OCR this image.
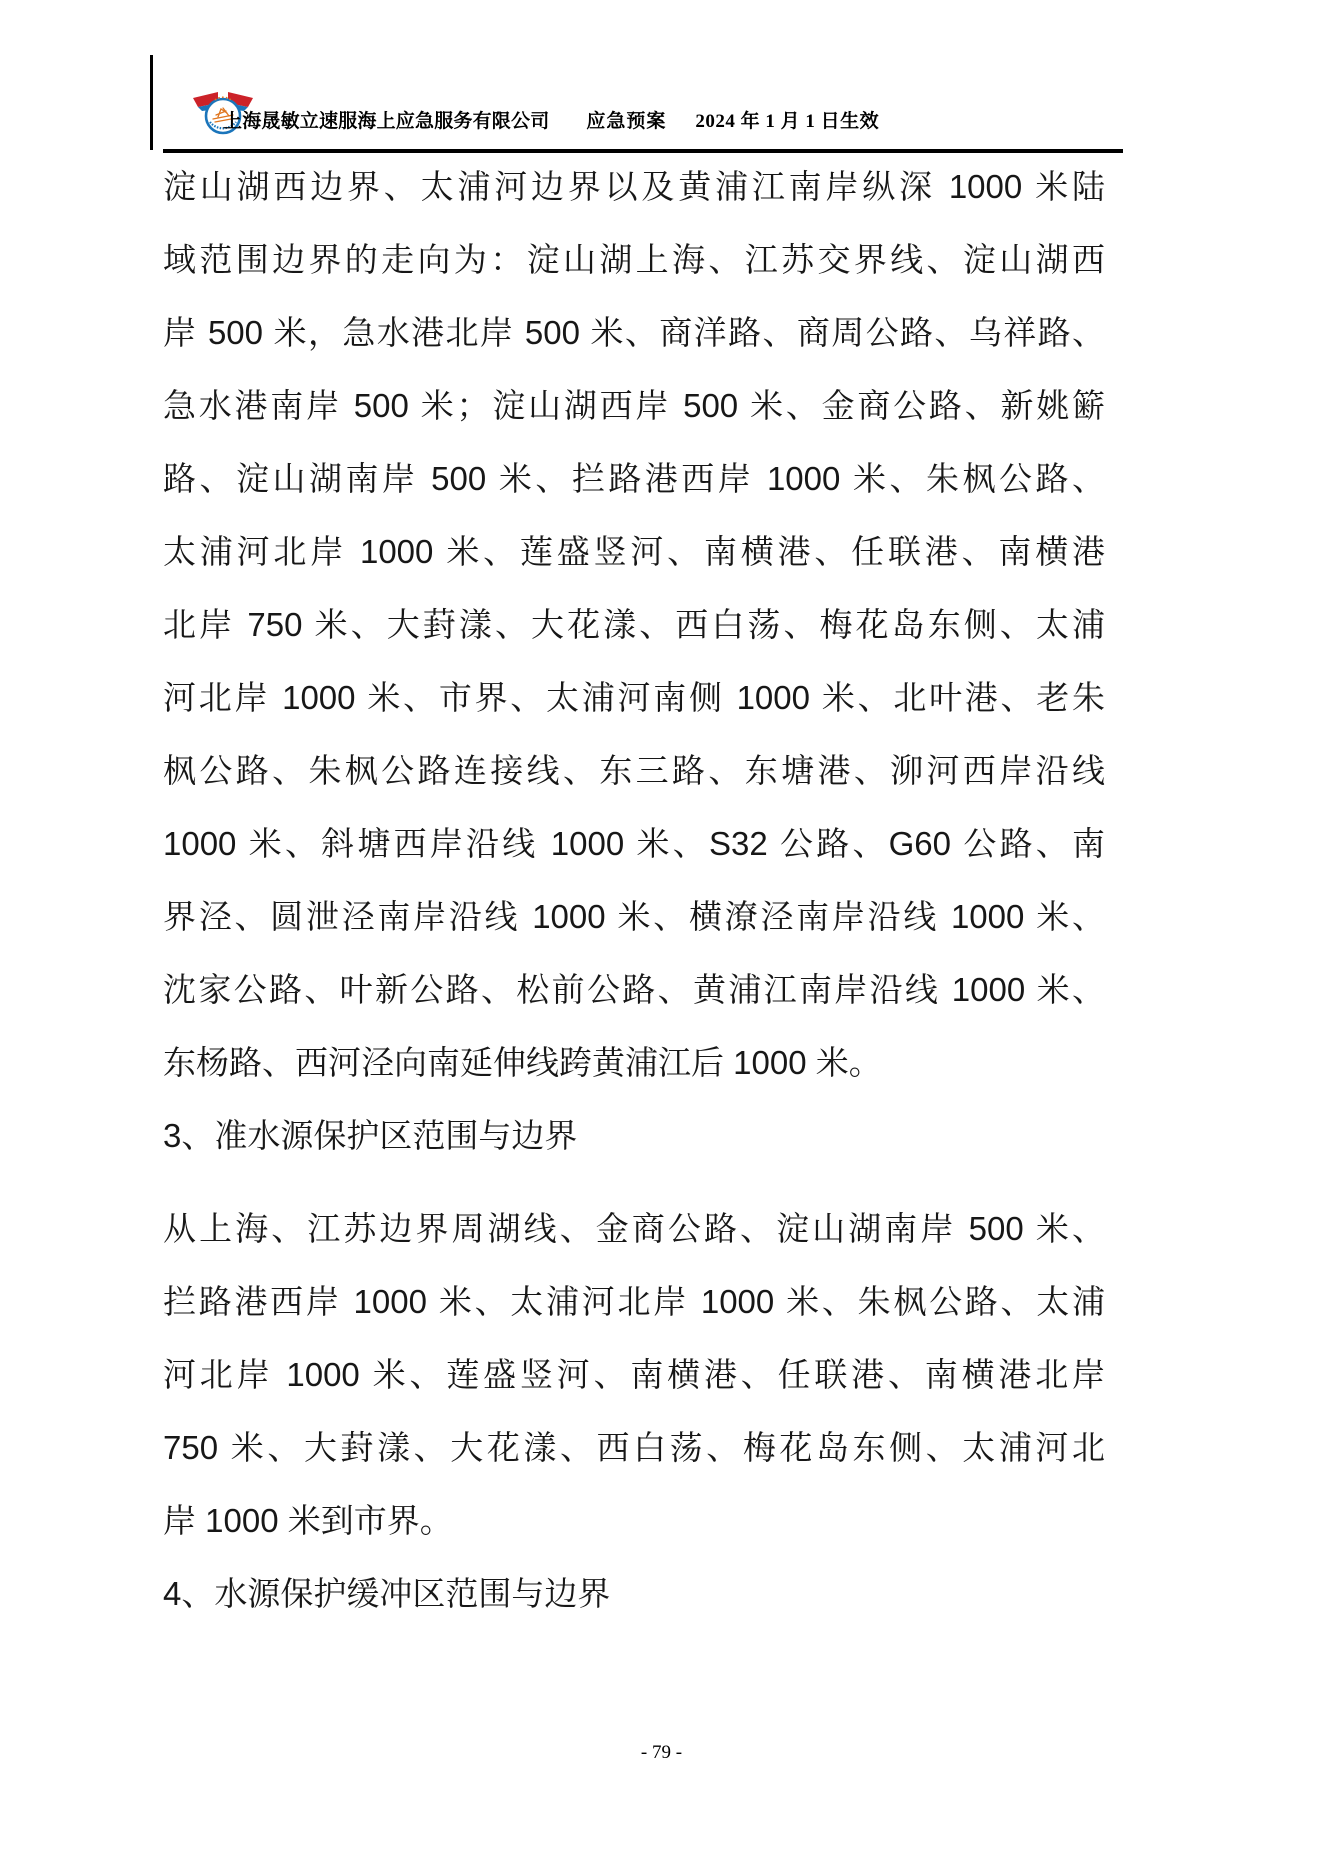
上海晟敏立速服海上应急服务有限公司 应急预案 2024 年 1 月 1 日生效
淀山湖西边界、太浦河边界以及黄浦江南岸纵深 1000 米陆
域范围边界的走向为：淀山湖上海、江苏交界线、淀山湖西
岸 500 米，急水港北岸 500 米、商洋路、商周公路、乌祥路、
急水港南岸 500 米；淀山湖西岸 500 米、金商公路、新姚簖
路、淀山湖南岸 500 米、拦路港西岸 1000 米、朱枫公路、
太浦河北岸 1000 米、莲盛竖河、南横港、任联港、南横港
北岸 750 米、大葑漾、大花漾、西白荡、梅花岛东侧、太浦
河北岸 1000 米、市界、太浦河南侧 1000 米、北叶港、老朱
枫公路、朱枫公路连接线、东三路、东塘港、泖河西岸沿线
1000 米、斜塘西岸沿线 1000 米、S32 公路、G60 公路、南
界泾、圆泄泾南岸沿线 1000 米、横潦泾南岸沿线 1000 米、
沈家公路、叶新公路、松前公路、黄浦江南岸沿线 1000 米、
东杨路、西河泾向南延伸线跨黄浦江后 1000 米。
3、准水源保护区范围与边界
从上海、江苏边界周湖线、金商公路、淀山湖南岸 500 米、
拦路港西岸 1000 米、太浦河北岸 1000 米、朱枫公路、太浦
河北岸 1000 米、莲盛竖河、南横港、任联港、南横港北岸
750 米、大葑漾、大花漾、西白荡、梅花岛东侧、太浦河北
岸 1000 米到市界。
4、水源保护缓冲区范围与边界
- 79 -
